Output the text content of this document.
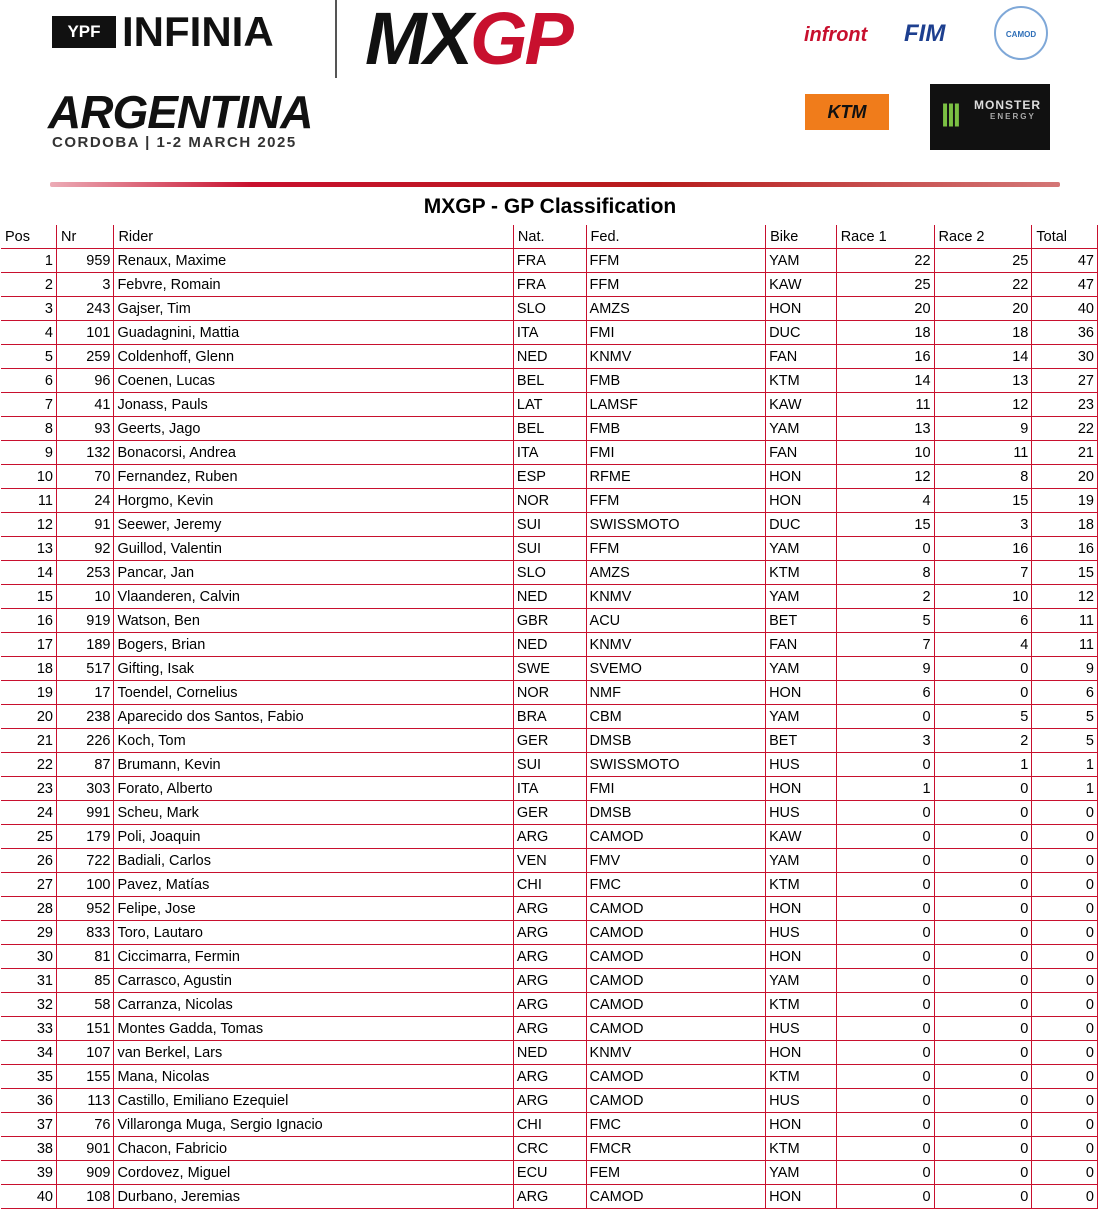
YPF INFINIA MXGP
ARGENTINA
CORDOBA | 1-2 MARCH 2025
infront FIM	CAMOD
KTM	Ⅲ MONSTER
ENERGY
MXGP - GP Classification
Pos	Nr	Rider	Nat.	Fed.	Bike	Race 1	Race 2	Total
1	959	Renaux, Maxime	FRA	FFM	YAM	22	25	47
2	3	Febvre, Romain	FRA	FFM	KAW	25	22	47
3	243	Gajser, Tim	SLO	AMZS	HON	20	20	40
4	101	Guadagnini, Mattia	ITA	FMI	DUC	18	18	36
5	259	Coldenhoff, Glenn	NED	KNMV	FAN	16	14	30
6	96	Coenen, Lucas	BEL	FMB	KTM	14	13	27
7	41	Jonass, Pauls	LAT	LAMSF	KAW	11	12	23
8	93	Geerts, Jago	BEL	FMB	YAM	13	9	22
9	132	Bonacorsi, Andrea	ITA	FMI	FAN	10	11	21
10	70	Fernandez, Ruben	ESP	RFME	HON	12	8	20
11	24	Horgmo, Kevin	NOR	FFM	HON	4	15	19
12	91	Seewer, Jeremy	SUI	SWISSMOTO	DUC	15	3	18
13	92	Guillod, Valentin	SUI	FFM	YAM	0	16	16
14	253	Pancar, Jan	SLO	AMZS	KTM	8	7	15
15	10	Vlaanderen, Calvin	NED	KNMV	YAM	2	10	12
16	919	Watson, Ben	GBR	ACU	BET	5	6	11
17	189	Bogers, Brian	NED	KNMV	FAN	7	4	11
18	517	Gifting, Isak	SWE	SVEMO	YAM	9	0	9
19	17	Toendel, Cornelius	NOR	NMF	HON	6	0	6
20	238	Aparecido dos Santos, Fabio	BRA	CBM	YAM	0	5	5
21	226	Koch, Tom	GER	DMSB	BET	3	2	5
22	87	Brumann, Kevin	SUI	SWISSMOTO	HUS	0	1	1
23	303	Forato, Alberto	ITA	FMI	HON	1	0	1
24	991	Scheu, Mark	GER	DMSB	HUS	0	0	0
25	179	Poli, Joaquin	ARG	CAMOD	KAW	0	0	0
26	722	Badiali, Carlos	VEN	FMV	YAM	0	0	0
27	100	Pavez, Matías	CHI	FMC	KTM	0	0	0
28	952	Felipe, Jose	ARG	CAMOD	HON	0	0	0
29	833	Toro, Lautaro	ARG	CAMOD	HUS	0	0	0
30	81	Ciccimarra, Fermin	ARG	CAMOD	HON	0	0	0
31	85	Carrasco, Agustin	ARG	CAMOD	YAM	0	0	0
32	58	Carranza, Nicolas	ARG	CAMOD	KTM	0	0	0
33	151	Montes Gadda, Tomas	ARG	CAMOD	HUS	0	0	0
34	107	van Berkel, Lars	NED	KNMV	HON	0	0	0
35	155	Mana, Nicolas	ARG	CAMOD	KTM	0	0	0
36	113	Castillo, Emiliano Ezequiel	ARG	CAMOD	HUS	0	0	0
37	76	Villaronga Muga, Sergio Ignacio	CHI	FMC	HON	0	0	0
38	901	Chacon, Fabricio	CRC	FMCR	KTM	0	0	0
39	909	Cordovez, Miguel	ECU	FEM	YAM	0	0	0
40	108	Durbano, Jeremias	ARG	CAMOD	HON	0	0	0
